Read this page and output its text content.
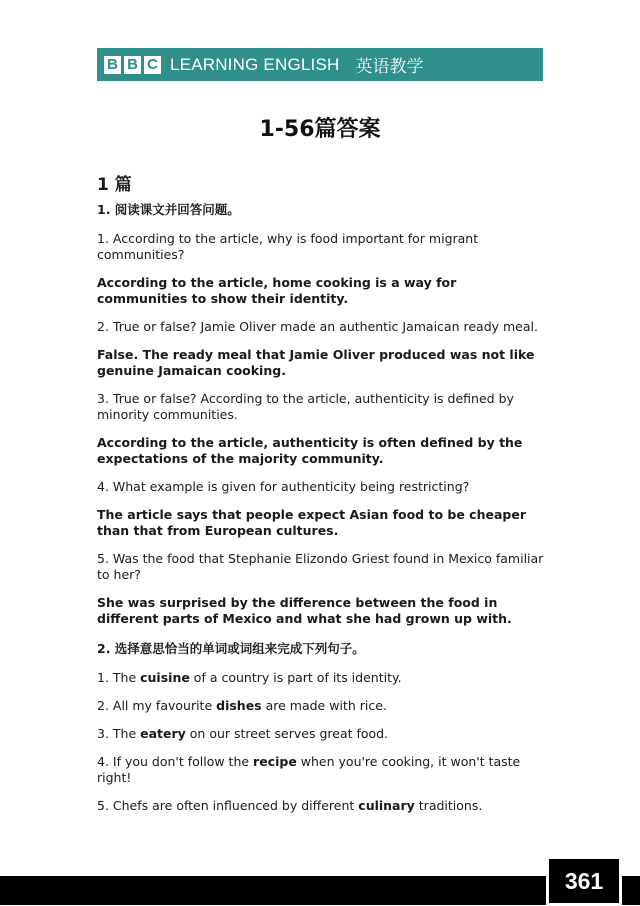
B B C LEARNING ENGLISH 英语教学
1-56篇答案
1 篇
1. 阅读课文并回答问题。
1. According to the article, why is food important for migrant communities?
According to the article, home cooking is a way for communities to show their identity.
2. True or false? Jamie Oliver made an authentic Jamaican ready meal.
False. The ready meal that Jamie Oliver produced was not like genuine Jamaican cooking.
3. True or false? According to the article, authenticity is defined by minority communities.
According to the article, authenticity is often defined by the expectations of the majority community.
4. What example is given for authenticity being restricting?
The article says that people expect Asian food to be cheaper than that from European cultures.
5. Was the food that Stephanie Elizondo Griest found in Mexico familiar to her?
She was surprised by the difference between the food in different parts of Mexico and what she had grown up with.
2. 选择意思恰当的单词或词组来完成下列句子。
1. The cuisine of a country is part of its identity.
2. All my favourite dishes are made with rice.
3. The eatery on our street serves great food.
4. If you don't follow the recipe when you're cooking, it won't taste right!
5. Chefs are often influenced by different culinary traditions.
361
